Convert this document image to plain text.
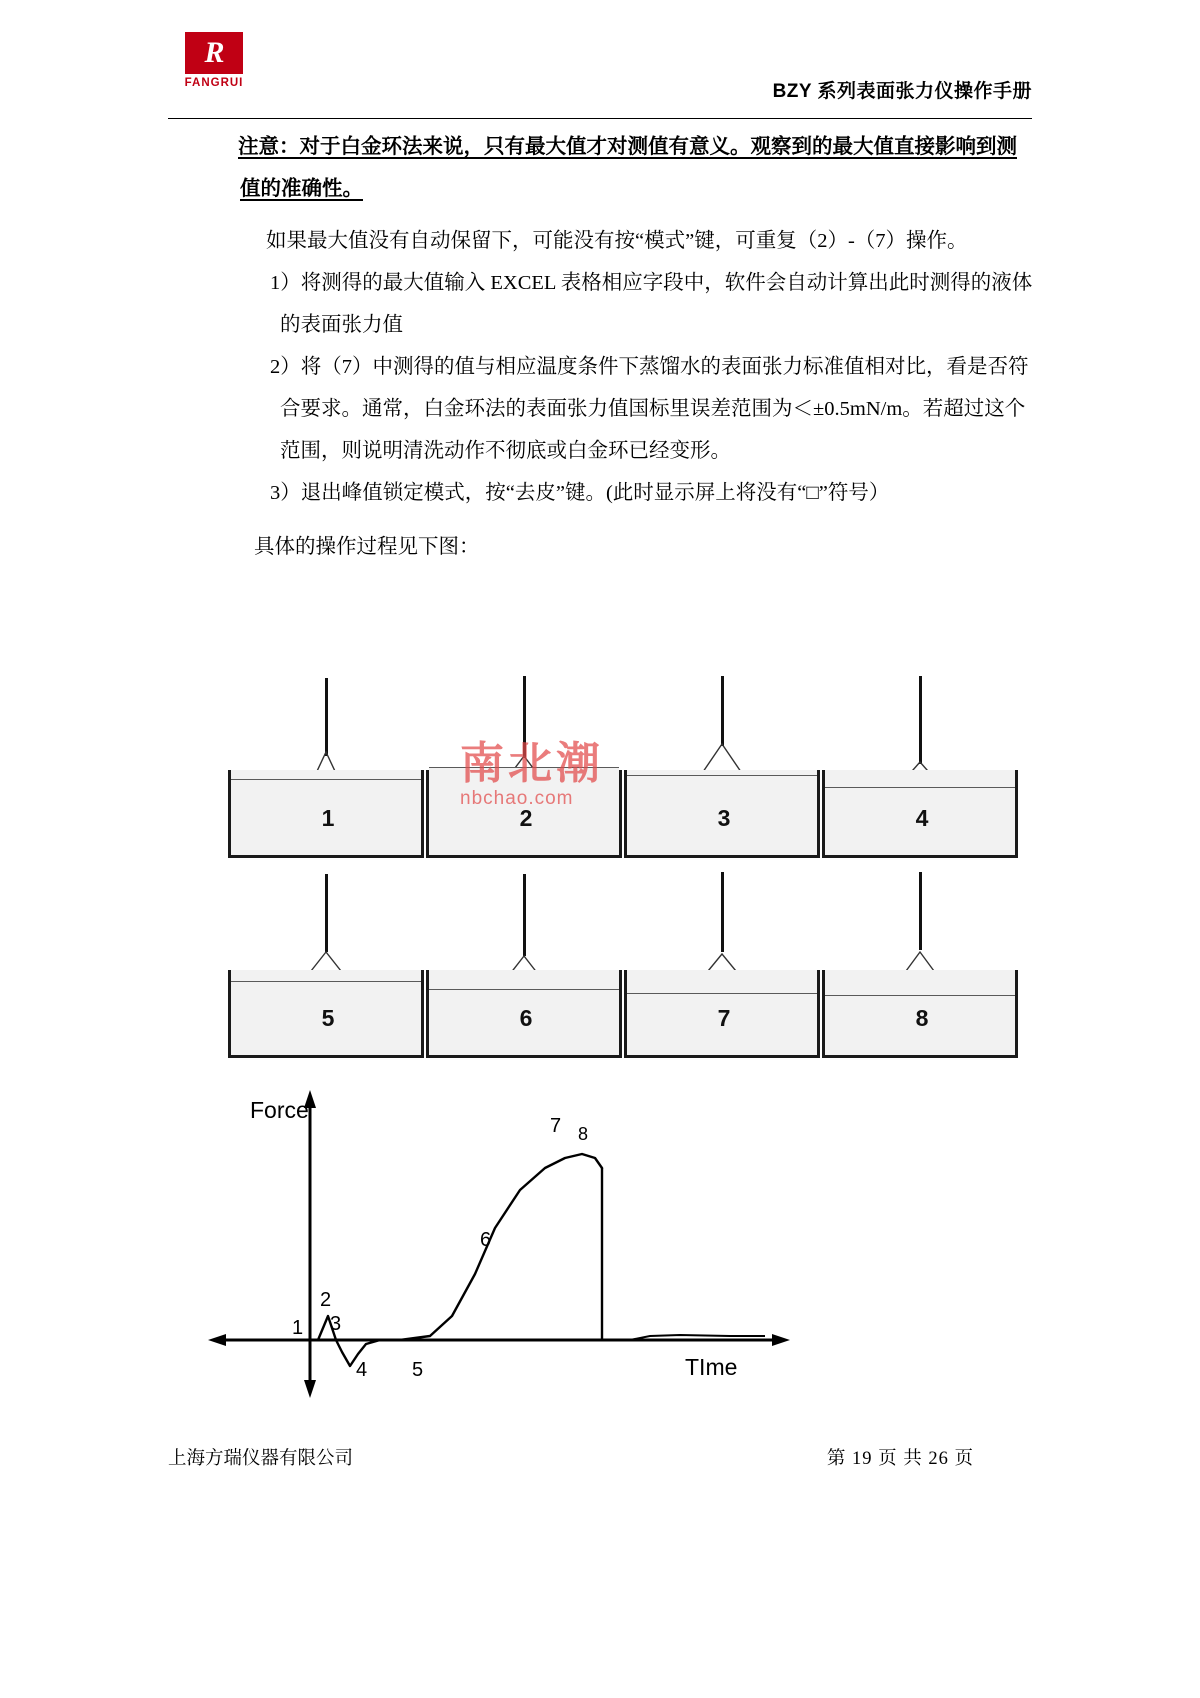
R
FANGRUI	BZY 系列表面张力仪操作手册

注意：对于白金环法来说，只有最大值才对测值有意义。观察到的最大值直接影响到测值的准确性。

如果最大值没有自动保留下，可能没有按“模式”键，可重复（2）-（7）操作。

1）将测得的最大值输入 EXCEL 表格相应字段中，软件会自动计算出此时测得的液体的表面张力值

2）将（7）中测得的值与相应温度条件下蒸馏水的表面张力标准值相对比，看是否符合要求。通常，白金环法的表面张力值国标里误差范围为＜±0.5mN/m。若超过这个范围，则说明清洗动作不彻底或白金环已经变形。

3）退出峰值锁定模式，按“去皮”键。(此时显示屏上将没有“□”符号）

具体的操作过程见下图：

1	2	3	4
5	6	7	8
南北潮
nbchao.com
Force
TIme
1
2
3
4 5
6
7 8
上海方瑞仪器有限公司	第 19 页 共 26 页
